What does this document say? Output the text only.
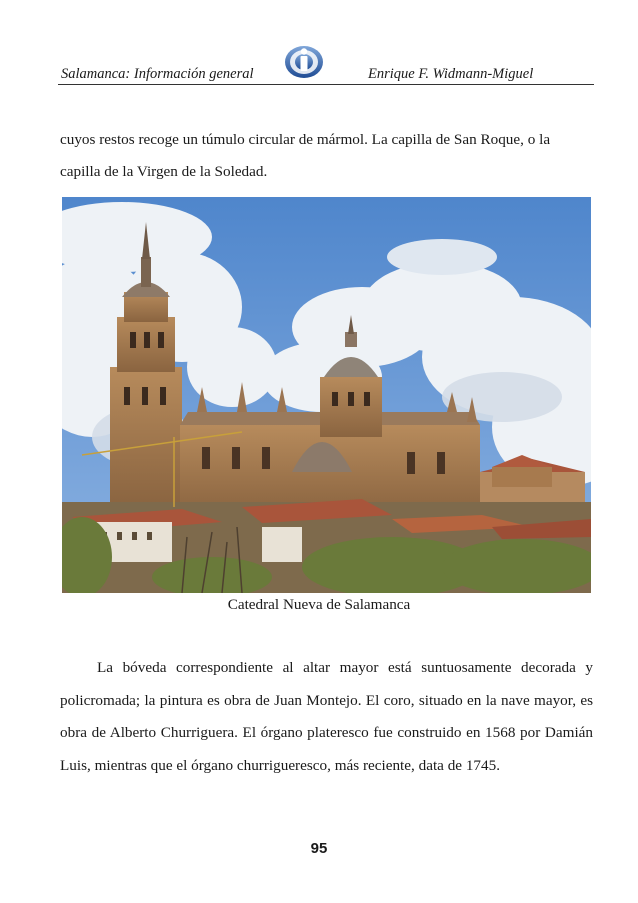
Salamanca: Información general	Enrique F. Widmann-Miguel

cuyos restos recoge un túmulo circular de mármol. La capilla de San Roque, o la capilla de la Virgen de la Soledad.

Catedral Nueva de Salamanca

La bóveda correspondiente al altar mayor está suntuosamente decorada y policromada; la pintura es obra de Juan Montejo. El coro, situado en la nave mayor, es obra de Alberto Churriguera. El órgano plateresco fue construido en 1568 por Damián Luis, mientras que el órgano churrigueresco, más reciente, data de 1745.

95
